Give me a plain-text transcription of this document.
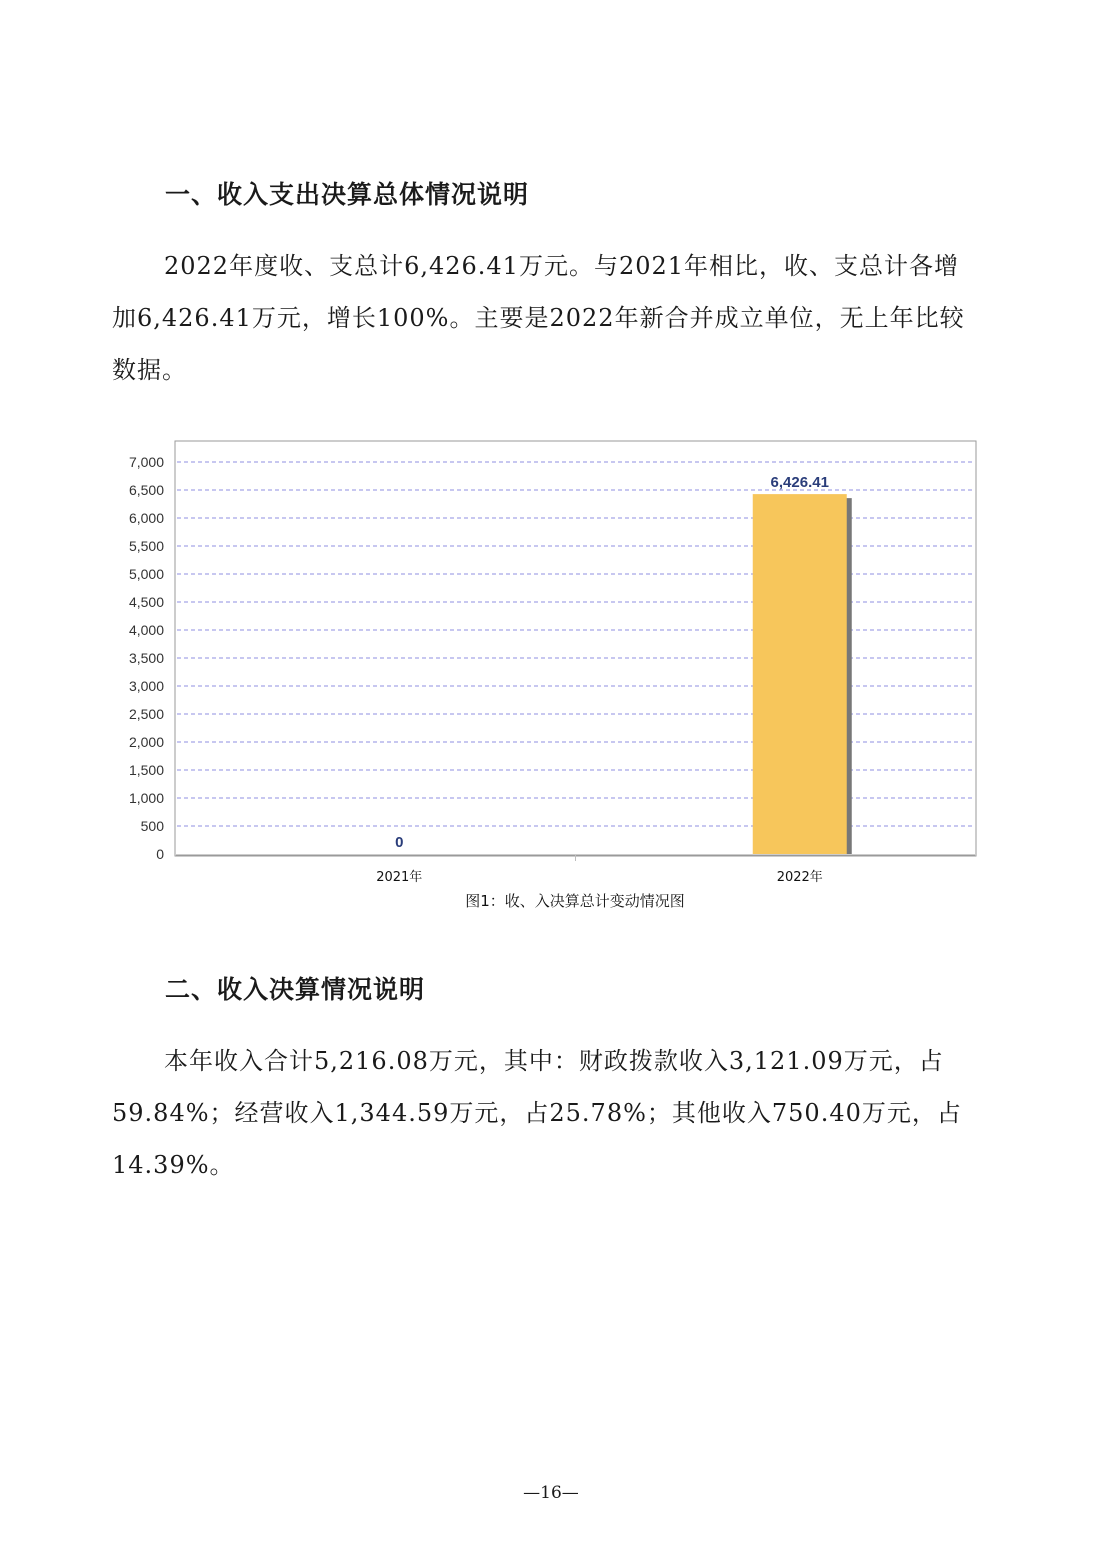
一、收入支出决算总体情况说明

2022年度收、支总计6,426.41万元。与2021年相比，收、支总计各增加6,426.41万元，增长100%。主要是2022年新合并成立单位，无上年比较数据。

0
500
1,000
1,500
2,000
2,500
3,000
3,500
4,000
4,500
5,000
5,500
6,000
6,500
7,000
0
6,426.41
2021年	2022年
图1：收、入决算总计变动情况图
二、收入决算情况说明

本年收入合计5,216.08万元，其中：财政拨款收入3,121.09万元，占59.84%；经营收入1,344.59万元，占25.78%；其他收入750.40万元，占14.39%。

—16—
